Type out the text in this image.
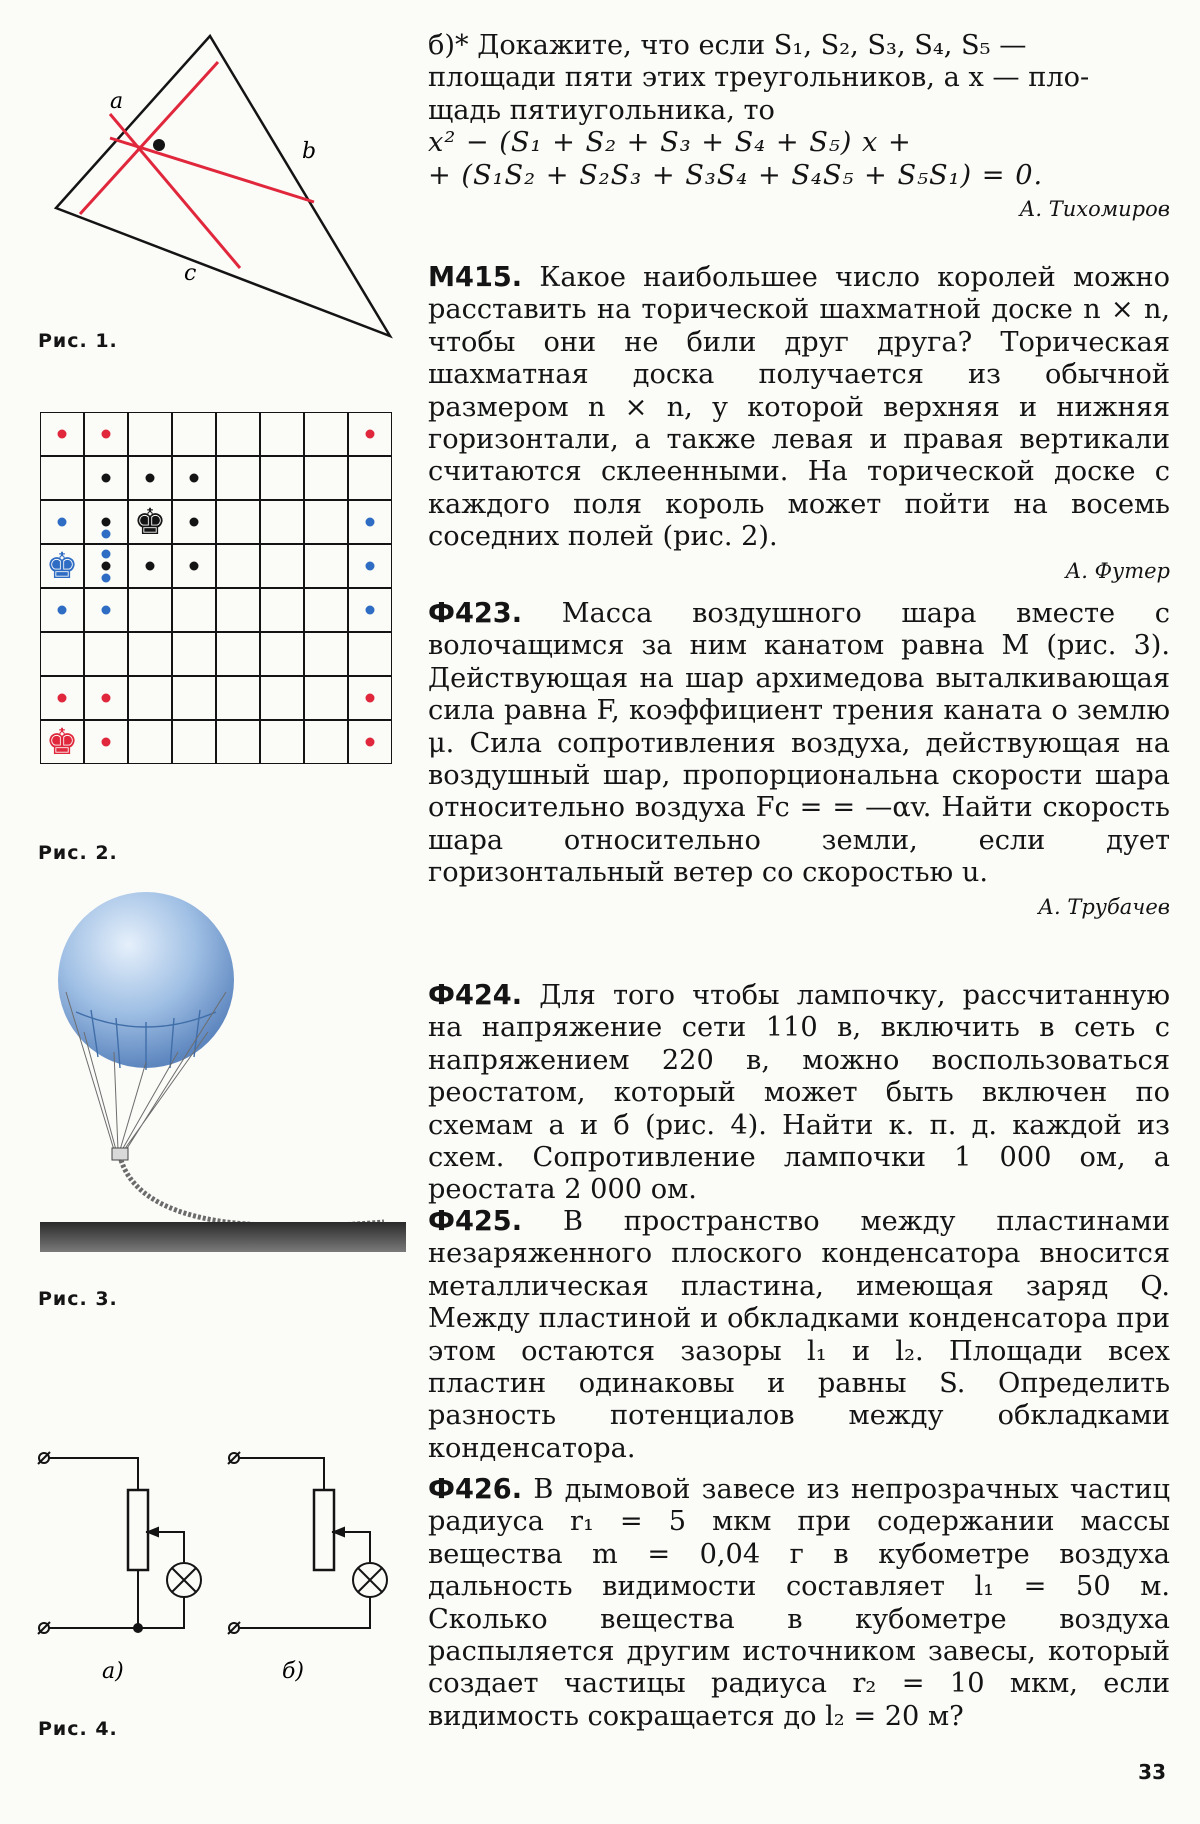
a
b
c
Рис. 1.
♚
♚
♚
Рис. 2.
Рис. 3.
а)	б)
Рис. 4.

б)* Докажите, что если S₁, S₂, S₃, S₄, S₅ —

площади пяти этих треугольников, а x — пло-

щадь пятиугольника, то

x² − (S₁ + S₂ + S₃ + S₄ + S₅) x +

+ (S₁S₂ + S₂S₃ + S₃S₄ + S₄S₅ + S₅S₁) = 0.

А. Тихомиров

M415. Какое наибольшее число королей можно расставить на торической шахматной доске n × n, чтобы они не били друг друга? Торическая шахматная доска получается из обычной размером n × n, у которой верхняя и нижняя горизонтали, а также левая и правая вертикали считаются склеенными. На торической доске с каждого поля король может пойти на восемь соседних полей (рис. 2).

А. Футер

Ф423. Масса воздушного шара вместе с волочащимся за ним канатом равна M (рис. 3). Действующая на шар архимедова выталкивающая сила равна F, коэффициент трения каната о землю μ. Сила сопротивления воздуха, действующая на воздушный шар, пропорциональна скорости шара относительно воздуха Fc = = —αv. Найти скорость шара относительно земли, если дует горизонтальный ветер со скоростью u.

А. Трубачев

Ф424. Для того чтобы лампочку, рассчитанную на напряжение сети 110 в, включить в сеть с напряжением 220 в, можно воспользоваться реостатом, который может быть включен по схемам а и б (рис. 4). Найти к. п. д. каждой из схем. Сопротивление лампочки 1 000 ом, а реостата 2 000 ом.

Ф425. В пространство между пластинами незаряженного плоского конденсатора вносится металлическая пластина, имеющая заряд Q. Между пластиной и обкладками конденсатора при этом остаются зазоры l₁ и l₂. Площади всех пластин одинаковы и равны S. Определить разность потенциалов между обкладками конденсатора.

Ф426. В дымовой завесе из непрозрачных частиц радиуса r₁ = 5 мкм при содержании массы вещества m = 0,04 г в кубометре воздуха дальность видимости составляет l₁ = 50 м. Сколько вещества в кубометре воздуха распыляется другим источником завесы, который создает частицы радиуса r₂ = 10 мкм, если видимость сокращается до l₂ = 20 м?

33
